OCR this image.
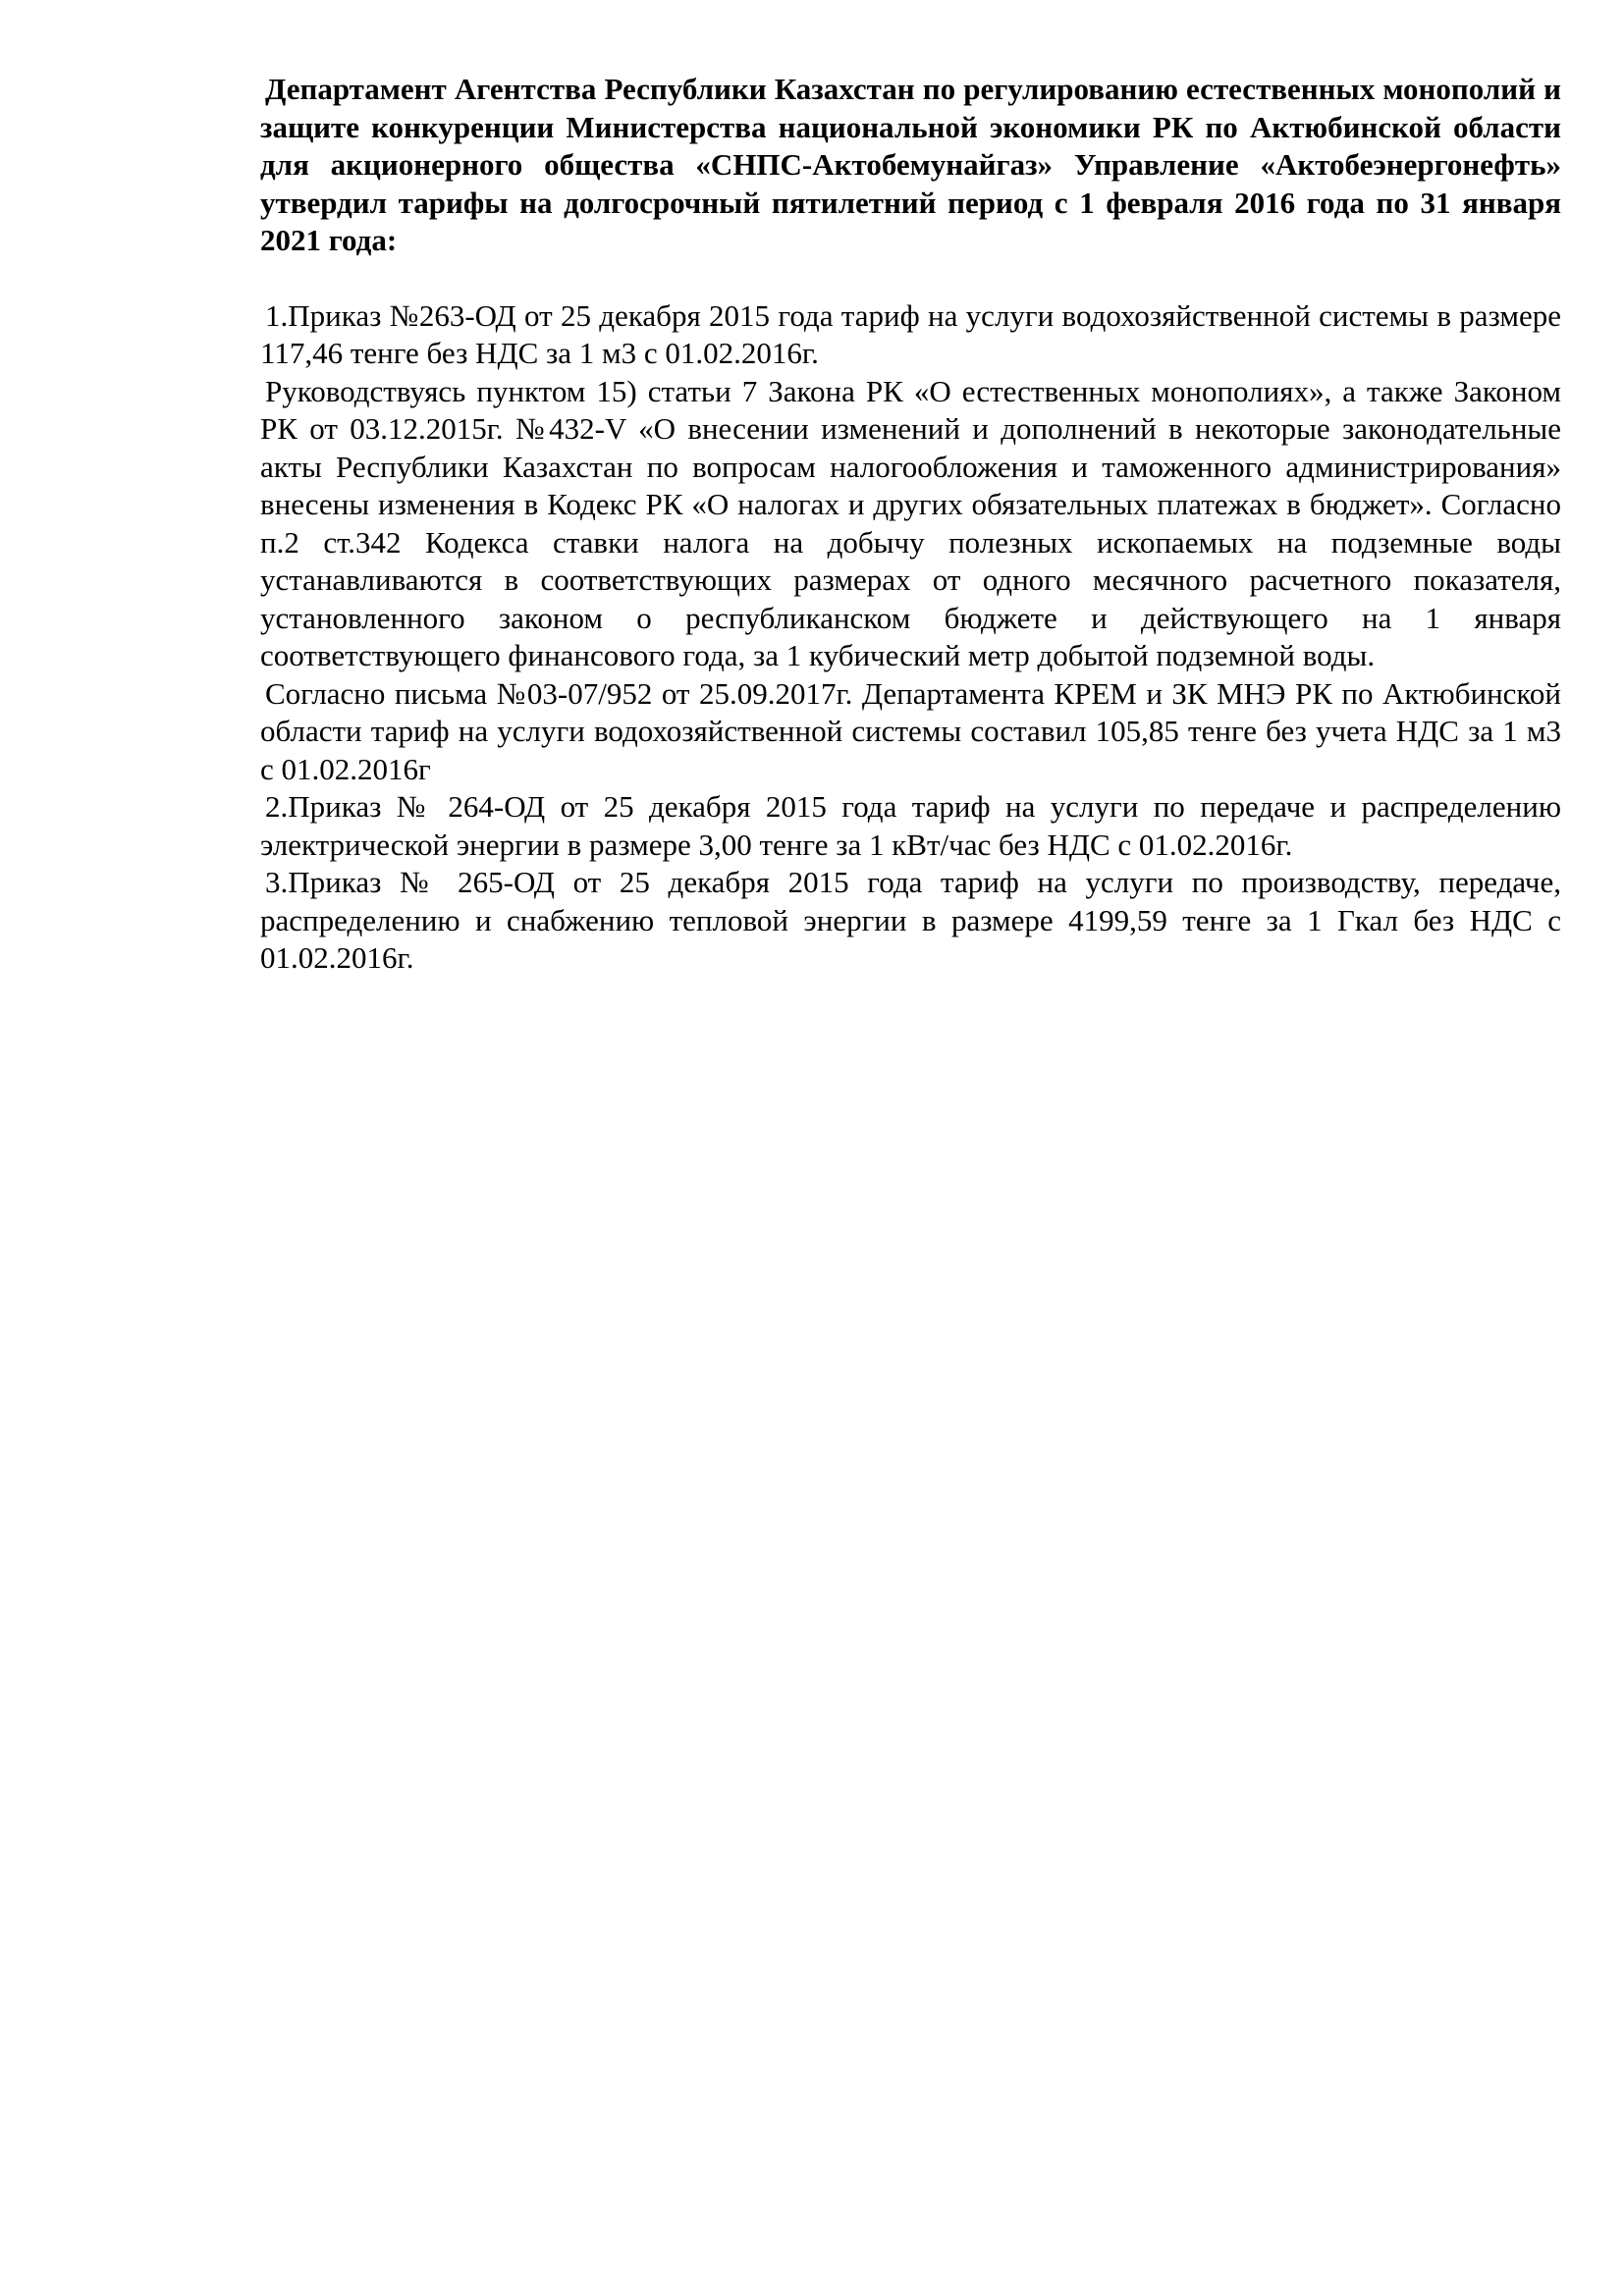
Департамент Агентства Республики Казахстан по регулированию естественных монополий и защите конкуренции Министерства национальной экономики РК по Актюбинской области для акционерного общества «СНПС-Актобемунайгаз» Управление «Актобеэнергонефть» утвердил тарифы на долгосрочный пятилетний период с 1 февраля 2016 года по 31 января 2021 года:

1.Приказ №263-ОД от 25 декабря 2015 года тариф на услуги водохозяйственной системы в размере 117,46 тенге без НДС за 1 м3 с 01.02.2016г.

Руководствуясь пунктом 15) статьи 7 Закона РК «О естественных монополиях», а также Законом РК от 03.12.2015г. №432-V «О внесении изменений и дополнений в некоторые законодательные акты Республики Казахстан по вопросам налогообложения и таможенного администрирования» внесены изменения в Кодекс РК «О налогах и других обязательных платежах в бюджет». Согласно п.2 ст.342 Кодекса ставки налога на добычу полезных ископаемых на подземные воды устанавливаются в соответствующих размерах от одного месячного расчетного показателя, установленного законом о республиканском бюджете и действующего на 1 января соответствующего финансового года, за 1 кубический метр добытой подземной воды.

Согласно письма №03-07/952 от 25.09.2017г. Департамента КРЕМ и ЗК МНЭ РК по Актюбинской области тариф на услуги водохозяйственной системы составил 105,85 тенге без учета НДС за 1 м3 с 01.02.2016г

2.Приказ № 264-ОД от 25 декабря 2015 года тариф на услуги по передаче и распределению электрической энергии в размере 3,00 тенге за 1 кВт/час без НДС с 01.02.2016г.

3.Приказ № 265-ОД от 25 декабря 2015 года тариф на услуги по производству, передаче, распределению и снабжению тепловой энергии в размере 4199,59 тенге за 1 Гкал без НДС с 01.02.2016г.
